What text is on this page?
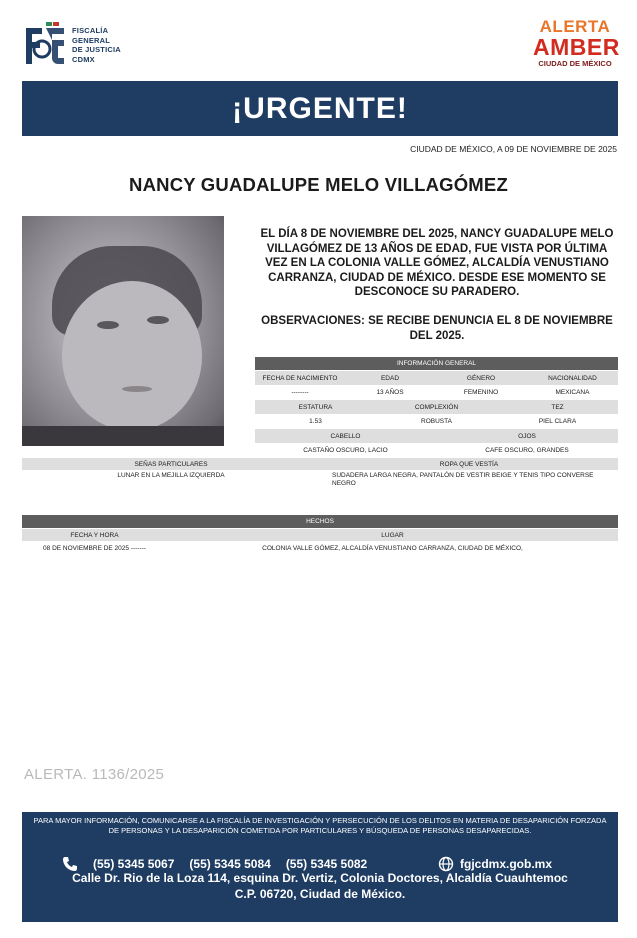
FISCALÍA
GENERAL
DE JUSTICIA
CDMX
ALERTA
AMBER
CIUDAD DE MÉXICO
¡URGENTE!
CIUDAD DE MÉXICO, A 09 DE NOVIEMBRE DE 2025
NANCY GUADALUPE MELO VILLAGÓMEZ
EL DÍA 8 DE NOVIEMBRE DEL 2025, NANCY GUADALUPE MELO VILLAGÓMEZ DE 13 AÑOS DE EDAD, FUE VISTA POR ÚLTIMA VEZ EN LA COLONIA VALLE GÓMEZ, ALCALDÍA VENUSTIANO CARRANZA, CIUDAD DE MÉXICO. DESDE ESE MOMENTO SE DESCONOCE SU PARADERO.
OBSERVACIONES: SE RECIBE DENUNCIA EL 8 DE NOVIEMBRE DEL 2025.
INFORMACIÓN GENERAL
FECHA DE NACIMIENTO	EDAD	GÉNERO	NACIONALIDAD
--------	13 AÑOS	FEMENINO	MEXICANA
ESTATURA	COMPLEXIÓN	TEZ
1.53	ROBUSTA	PIEL CLARA
CABELLO	OJOS
CASTAÑO OSCURO, LACIO	CAFE OSCURO, GRANDES
SEÑAS PARTICULARES	ROPA QUE VESTÍA
LUNAR EN LA MEJILLA IZQUIERDA	SUDADERA LARGA NEGRA, PANTALÓN DE VESTIR BEIGE Y TENIS TIPO CONVERSE NEGRO
HECHOS
FECHA Y HORA	LUGAR
08 DE NOVIEMBRE DE 2025 -------	COLONIA VALLE GÓMEZ, ALCALDÍA VENUSTIANO CARRANZA, CIUDAD DE MÉXICO,
ALERTA. 1136/2025
PARA MAYOR INFORMACIÓN, COMUNICARSE A LA FISCALÍA DE INVESTIGACIÓN Y PERSECUCIÓN DE LOS DELITOS EN MATERIA DE DESAPARICIÓN FORZADA DE PERSONAS Y LA DESAPARICIÓN COMETIDA POR PARTICULARES Y BÚSQUEDA DE PERSONAS DESAPARECIDAS.
(55) 5345 5067 (55) 5345 5084 (55) 5345 5082	fgjcdmx.gob.mx
Calle Dr. Rio de la Loza 114, esquina Dr. Vertiz, Colonia Doctores, Alcaldía Cuauhtemoc
C.P. 06720, Ciudad de México.
